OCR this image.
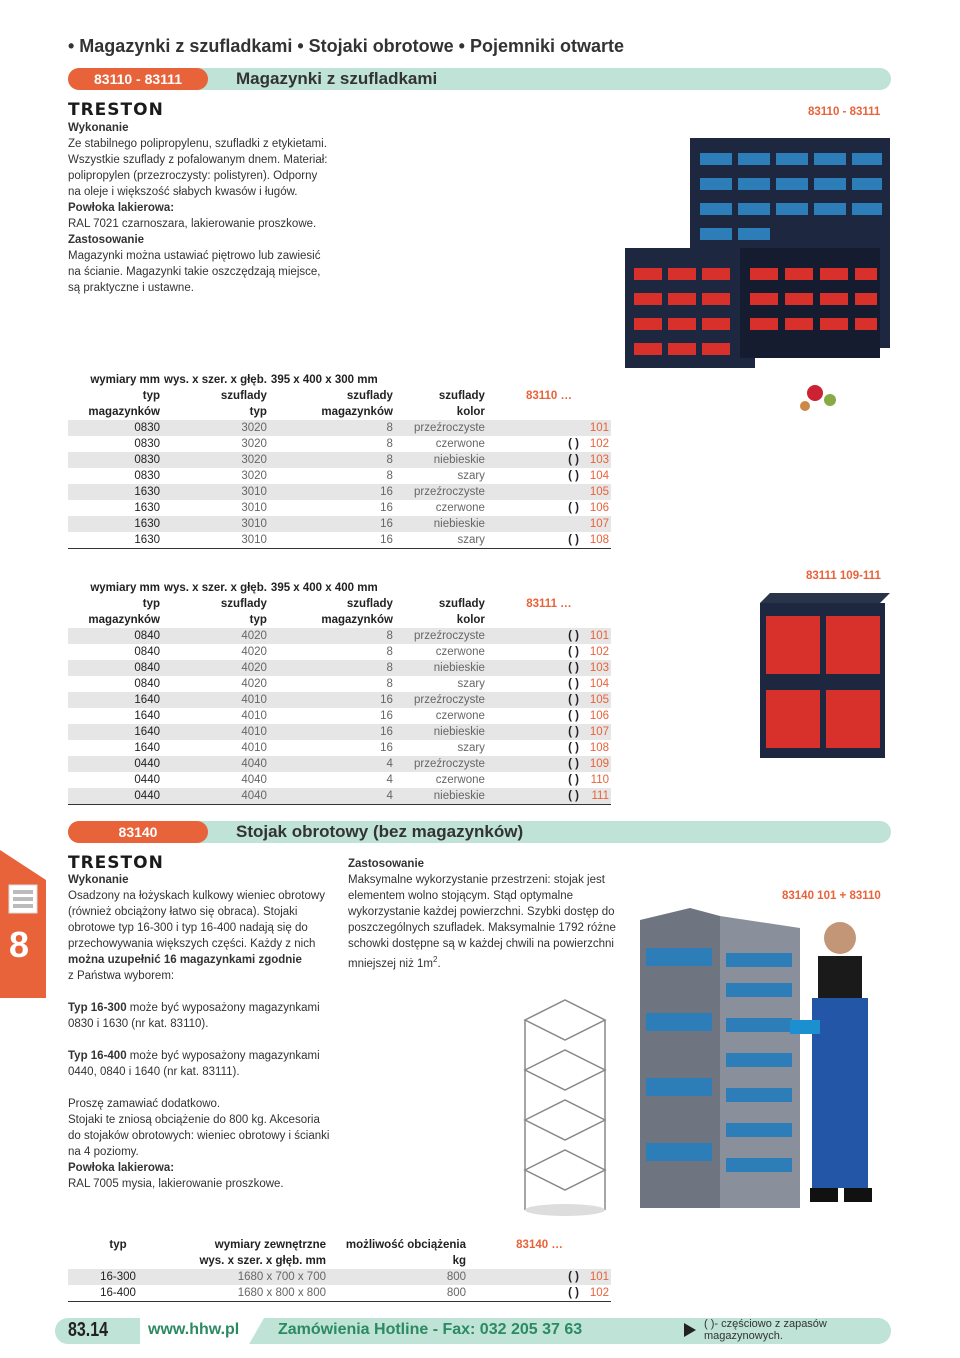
• Magazynki z szufladkami • Stojaki obrotowe • Pojemniki otwarte
83110 - 83111	Magazynki z szufladkami
TRESTON

Wykonanie

Ze stabilnego polipropylenu, szufladki z etykietami.

Wszystkie szuflady z pofalowanym dnem. Materiał:

polipropylen (przezroczysty: polistyren). Odporny

na oleje i większość słabych kwasów i ługów.

Powłoka lakierowa:

RAL 7021 czarnoszara, lakierowanie proszkowe.

Zastosowanie

Magazynki można ustawiać piętrowo lub zawiesić

na ścianie. Magazynki takie oszczędzają miejsce,

są praktyczne i ustawne.

83110 - 83111
wymiary mm	wys. x szer. x głęb.	395 x 400 x 300 mm			
typ	szuflady	szuflady	szuflady	83110 …	
magazynków	typ	magazynków	kolor		
0830	3020	8	przeźroczyste		101
0830	3020	8	czerwone	( )	102
0830	3020	8	niebieskie	( )	103
0830	3020	8	szary	( )	104
1630	3010	16	przeźroczyste		105
1630	3010	16	czerwone	( )	106
1630	3010	16	niebieskie		107
1630	3010	16	szary	( )	108
wymiary mm	wys. x szer. x głęb.	395 x 400 x 400 mm			
typ	szuflady	szuflady	szuflady	83111 …	
magazynków	typ	magazynków	kolor		
0840	4020	8	przeźroczyste	( )	101
0840	4020	8	czerwone	( )	102
0840	4020	8	niebieskie	( )	103
0840	4020	8	szary	( )	104
1640	4010	16	przeźroczyste	( )	105
1640	4010	16	czerwone	( )	106
1640	4010	16	niebieskie	( )	107
1640	4010	16	szary	( )	108
0440	4040	4	przeźroczyste	( )	109
0440	4040	4	czerwone	( )	110
0440	4040	4	niebieskie	( )	111
83111 109-111
83140	Stojak obrotowy (bez magazynków)
8
TRESTON

Wykonanie

Osadzony na łożyskach kulkowy wieniec obrotowy

(również obciążony łatwo się obraca). Stojaki

obrotowe typ 16-300 i typ 16-400 nadają się do

przechowywania większych części. Każdy z nich

można uzupełnić 16 magazynkami zgodnie

z Państwa wyborem:

Typ 16-300 może być wyposażony magazynkami

0830 i 1630 (nr kat. 83110).

Typ 16-400 może być wyposażony magazynkami

0440, 0840 i 1640 (nr kat. 83111).

Proszę zamawiać dodatkowo.

Stojaki te zniosą obciążenie do 800 kg. Akcesoria

do stojaków obrotowych: wieniec obrotowy i ścianki

na 4 poziomy.

Powłoka lakierowa:

RAL 7005 mysia, lakierowanie proszkowe.

Zastosowanie

Maksymalne wykorzystanie przestrzeni: stojak jest

elementem wolno stojącym. Stąd optymalne

wykorzystanie każdej powierzchni. Szybki dostęp do

poszczególnych szufladek. Maksymalnie 1792 różne

schowki dostępne są w każdej chwili na powierzchni

mniejszej niż $1m^2$.

83140 101 + 83110
typ	wymiary zewnętrzne	możliwość obciążenia	83140 …	
	wys. x szer. x głęb. mm	kg		
16-300	1680 x 700 x 700	800	( )	101
16-400	1680 x 800 x 800	800	( )	102
83.14 www.hhw.pl Zamówienia Hotline - Fax: 032 205 37 63	( )- częściowo z zapasów
magazynowych.
